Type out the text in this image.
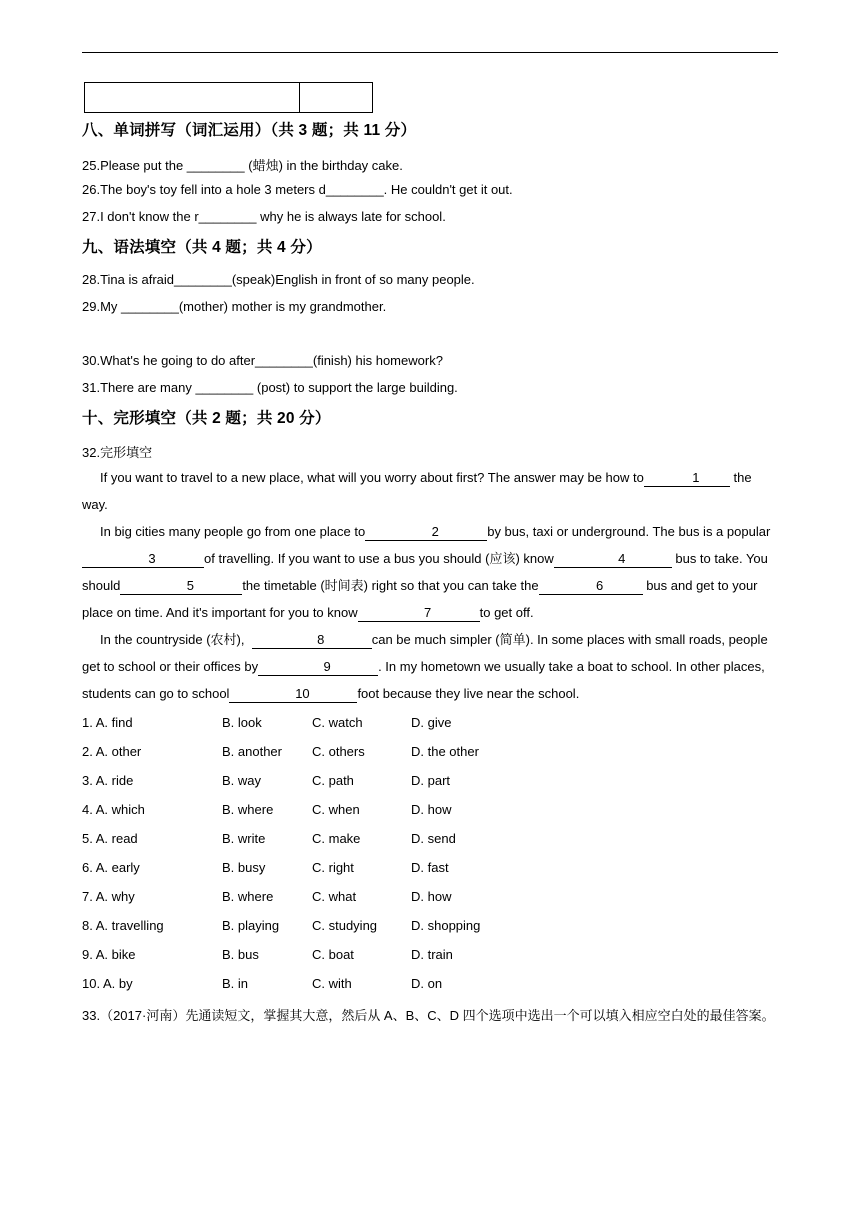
八、单词拼写（词汇运用）（共 3 题；共 11 分）
25.Please put the ________ (蜡烛) in the birthday cake.
26.The boy's toy fell into a hole 3 meters d________. He couldn't get it out.
27.I don't know the r________ why he is always late for school.
九、语法填空（共 4 题；共 4 分）
28.Tina is afraid________(speak)English in front of so many people.
29.My ________(mother) mother is my grandmother.
30.What's he going to do after________(finish) his homework?
31.There are many ________ (post) to support the large building.
十、完形填空（共 2 题；共 20 分）
32.完形填空
If you want to travel to a new place, what will you worry about first? The answer may be how to	1	the way.
In big cities many people go from one place to	2	by bus, taxi or underground. The bus is a popular3	of travelling. If you want to use a bus you should (应该) know	4	bus to take. You should	5	the timetable (时间表) right so that you can take the	6	bus and get to your place on time. And it's important for you to know	7	to get off.
In the countryside (农村),	8	can be much simpler (简单). In some places with small roads, people get to school or their offices by	9	. In my hometown we usually take a boat to school. In other places, students can go to school	10	foot because they live near the school.
1. A. find	B. look	C. watch	D. give
2. A. other	B. another C. others	D. the other
3. A. ride	B. way	C. path	D. part
4. A. which	B. where	C. when	D. how
5. A. read	B. write	C. make	D. send
6. A. early	B. busy	C. right	D. fast
7. A. why	B. where	C. what	D. how
8. A. travelling	B. playing	C. studying	D. shopping
9. A. bike	B. bus	C. boat	D. train
10. A. by	B. in	C. with	D. on
33.（2017·河南）先通读短文，掌握其大意，然后从 A、B、C、D 四个选项中选出一个可以填入相应空白处的最佳答案。
